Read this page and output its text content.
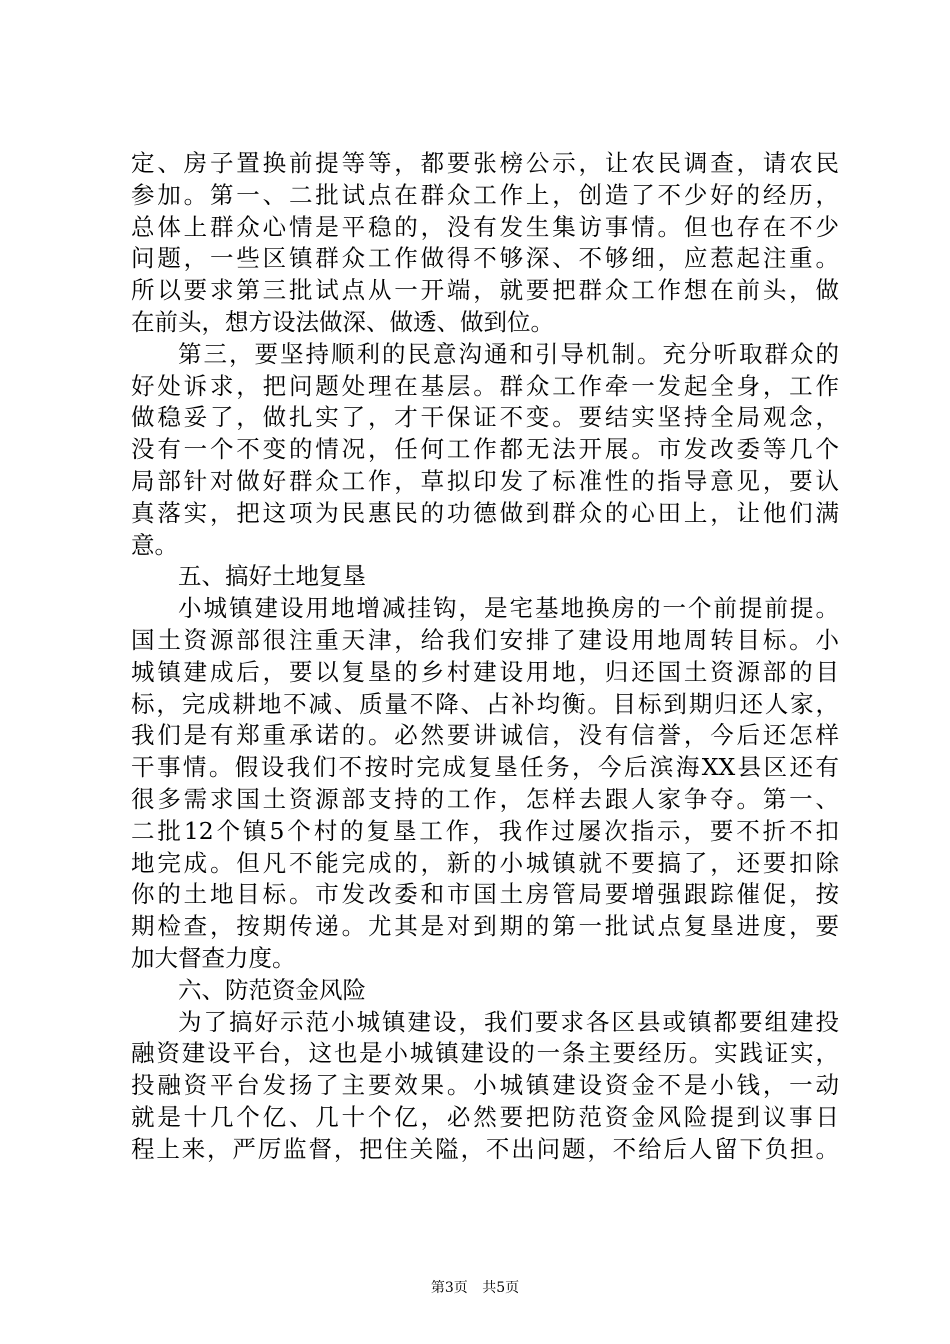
定、房子置换前提等等，都要张榜公示，让农民调查，请农民
参加。第一、二批试点在群众工作上，创造了不少好的经历，
总体上群众心情是平稳的，没有发生集访事情。但也存在不少
问题，一些区镇群众工作做得不够深、不够细，应惹起注重。
所以要求第三批试点从一开端，就要把群众工作想在前头，做
在前头，想方设法做深、做透、做到位。
第三，要坚持顺利的民意沟通和引导机制。充分听取群众的
好处诉求，把问题处理在基层。群众工作牵一发起全身，工作
做稳妥了，做扎实了，才干保证不变。要结实坚持全局观念，
没有一个不变的情况，任何工作都无法开展。市发改委等几个
局部针对做好群众工作，草拟印发了标准性的指导意见，要认
真落实，把这项为民惠民的功德做到群众的心田上，让他们满
意。
五、搞好土地复垦
小城镇建设用地增减挂钩，是宅基地换房的一个前提前提。
国土资源部很注重天津，给我们安排了建设用地周转目标。小
城镇建成后，要以复垦的乡村建设用地，归还国土资源部的目
标，完成耕地不减、质量不降、占补均衡。目标到期归还人家，
我们是有郑重承诺的。必然要讲诚信，没有信誉，今后还怎样
干事情。假设我们不按时完成复垦任务，今后滨海XX县区还有
很多需求国土资源部支持的工作，怎样去跟人家争夺。第一、
二批12个镇5个村的复垦工作，我作过屡次指示，要不折不扣
地完成。但凡不能完成的，新的小城镇就不要搞了，还要扣除
你的土地目标。市发改委和市国土房管局要增强跟踪催促，按
期检查，按期传递。尤其是对到期的第一批试点复垦进度，要
加大督查力度。
六、防范资金风险
为了搞好示范小城镇建设，我们要求各区县或镇都要组建投
融资建设平台，这也是小城镇建设的一条主要经历。实践证实，
投融资平台发扬了主要效果。小城镇建设资金不是小钱，一动
就是十几个亿、几十个亿，必然要把防范资金风险提到议事日
程上来，严厉监督，把住关隘，不出问题，不给后人留下负担。
第3页 共5页
